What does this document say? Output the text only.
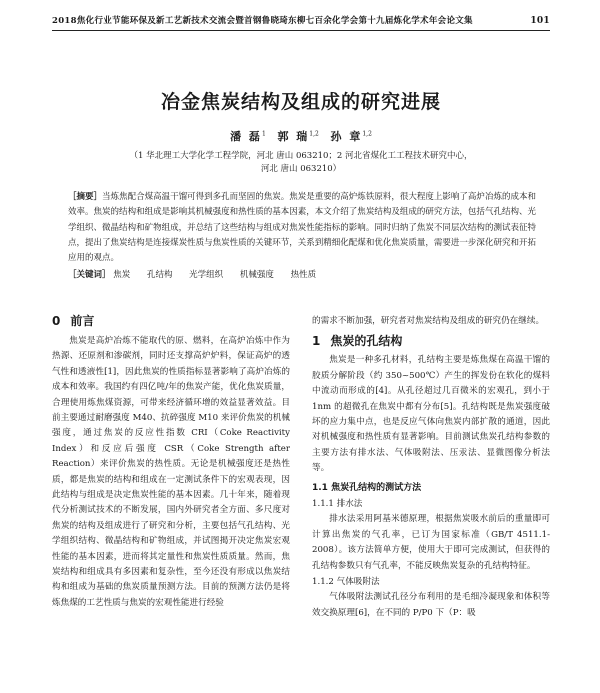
2018焦化行业节能环保及新工艺新技术交流会暨首钢鲁晓琦东柳七百余化学会第十九届炼化学术年会论文集	101
冶金焦炭结构及组成的研究进展
潘 磊$^1$ 郭 瑞$^{1,2}$ 孙 章$^{1,2}$
（1 华北理工大学化学工程学院，河北 唐山 063210；2 河北省煤化工工程技术研究中心，
河北 唐山 063210）
［摘要］当炼焦配合煤高温干馏可得到多孔而坚固的焦炭。焦炭是重要的高炉炼铁原料，很大程度上影响了高炉冶炼的成本和效率。焦炭的结构和组成是影响其机械强度和热性质的基本因素，本文介绍了焦炭结构及组成的研究方法，包括气孔结构、光学组织、微晶结构和矿物组成，并总结了这些结构与组成对焦炭性能指标的影响。同时归纳了焦炭不同层次结构的测试表征特点，提出了焦炭结构是连接煤炭性质与焦炭性质的关键环节，关系到精细化配煤和优化焦炭质量，需要进一步深化研究和开拓应用的观点。
［关键词］ 焦炭 孔结构 光学组织 机械强度 热性质
0 前言

焦炭是高炉冶炼不能取代的原、燃料，在高炉冶炼中作为热源、还原剂和渗碳剂，同时还支撑高炉炉料，保证高炉的透气性和透液性[1]，因此焦炭的性质指标显著影响了高炉冶炼的成本和效率。我国约有四亿吨/年的焦炭产能，优化焦炭质量，合理使用炼焦煤资源，可带来经济循环增的效益显著效益。目前主要通过耐磨强度 M40、抗碎强度 M10 来评价焦炭的机械强度，通过焦炭的反应性指数 CRI（Coke Reactivity Index）和反应后强度 CSR（Coke Strength after Reaction）来评价焦炭的热性质。无论是机械强度还是热性质，都是焦炭的结构和组成在一定测试条件下的宏观表现，因此结构与组成是决定焦炭性能的基本因素。几十年来，随着现代分析测试技术的不断发展，国内外研究者全方面、多尺度对焦炭的结构及组成进行了研究和分析，主要包括气孔结构、光学组织结构、微晶结构和矿物组成，并试图揭开决定焦炭宏观性能的基本因素，进而将其定量性和焦炭性质质量。然而，焦炭结构和组成具有多因素和复杂性，至今还没有形成以焦炭结构和组成为基础的焦炭质量预测方法。目前的预测方法仍是将炼焦煤的工艺性质与焦炭的宏观性能进行经验

的需求不断加强，研究者对焦炭结构及组成的研究仍在继续。

1 焦炭的孔结构

焦炭是一种多孔材料，孔结构主要是炼焦煤在高温干馏的胶质分解阶段（约 350~500℃）产生的挥发份在软化的煤料中流动而形成的[4]。从孔径超过几百微米的宏观孔，到小于 1nm 的超微孔在焦炭中都有分布[5]。孔结构既是焦炭强度破坏的应力集中点，也是反应气体向焦炭内部扩散的通道，因此对机械强度和热性质有显著影响。目前测试焦炭孔结构参数的主要方法有排水法、气体吸附法、压汞法、显微图像分析法等。

1.1 焦炭孔结构的测试方法
1.1.1 排水法

排水法采用阿基米德原理，根据焦炭吸水前后的重量即可计算出焦炭的气孔率，已订为国家标准（GB/T 4511.1-2008）。该方法简单方便，使用大于即可完成测试，但获得的孔结构参数只有气孔率，不能反映焦炭复杂的孔结构特征。

1.1.2 气体吸附法

气体吸附法测试孔径分布利用的是毛细冷凝现象和体积等效交换原理[6]，在不同的 P/P0 下（P：吸
